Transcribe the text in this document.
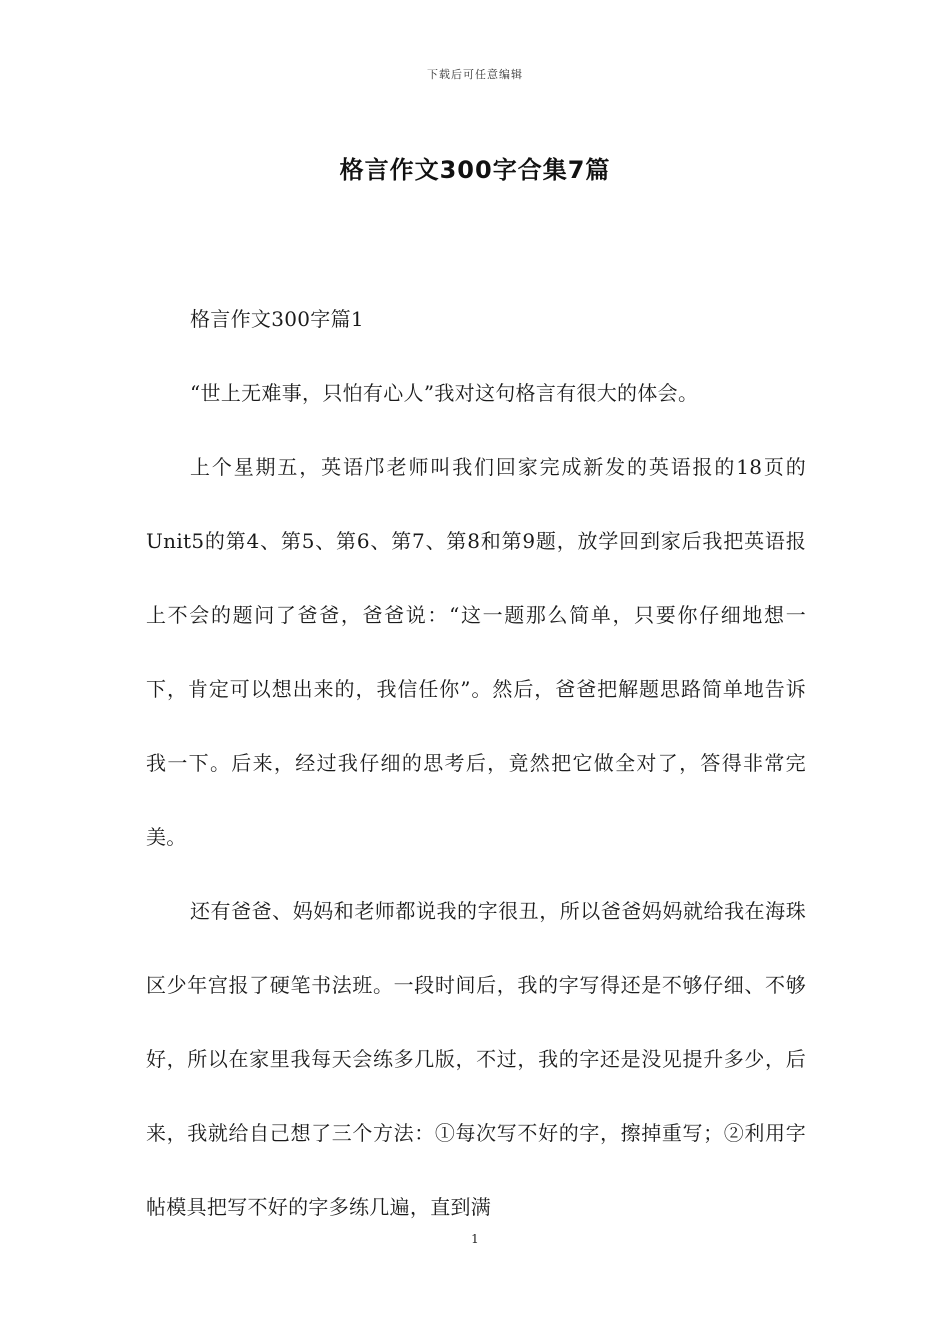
下载后可任意编辑
格言作文300字合集7篇

格言作文300字篇1

“世上无难事，只怕有心人”我对这句格言有很大的体会。

上个星期五，英语邝老师叫我们回家完成新发的英语报的18页的Unit5的第4、第5、第6、第7、第8和第9题，放学回到家后我把英语报上不会的题问了爸爸，爸爸说：“这一题那么简单，只要你仔细地想一下，肯定可以想出来的，我信任你”。然后，爸爸把解题思路简单地告诉我一下。后来，经过我仔细的思考后，竟然把它做全对了，答得非常完美。

还有爸爸、妈妈和老师都说我的字很丑，所以爸爸妈妈就给我在海珠区少年宫报了硬笔书法班。一段时间后，我的字写得还是不够仔细、不够好，所以在家里我每天会练多几版，不过，我的字还是没见提升多少，后来，我就给自己想了三个方法：①每次写不好的字，擦掉重写；②利用字帖模具把写不好的字多练几遍，直到满

1
